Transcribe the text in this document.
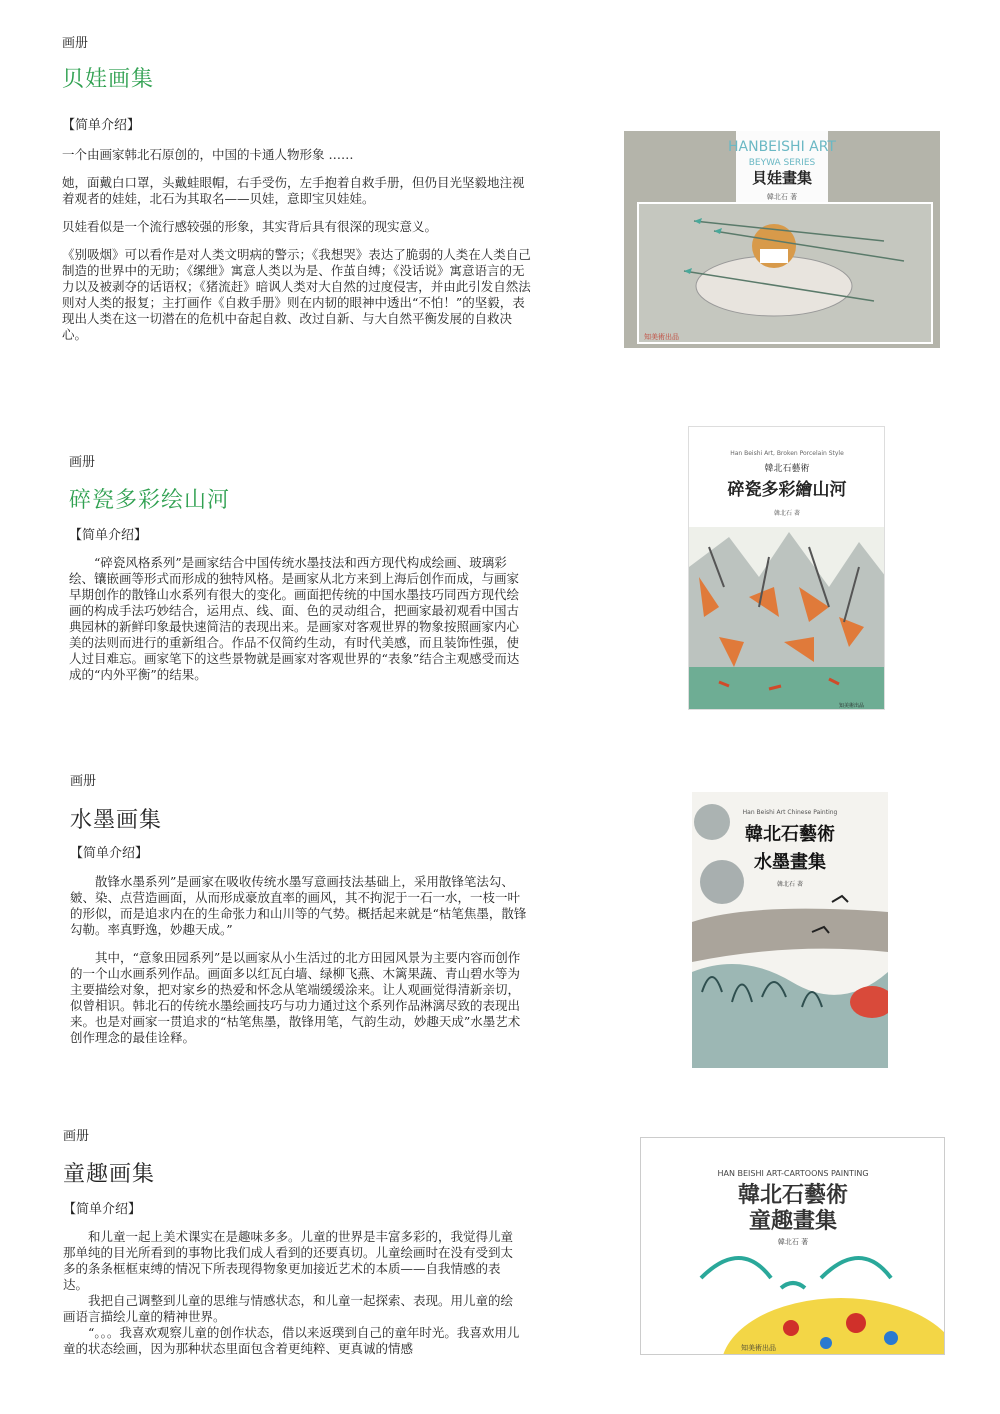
画册
贝娃画集
【简单介绍】

一个由画家韩北石原创的，中国的卡通人物形象 ……

她，面戴白口罩，头戴蛙眼帽，右手受伤，左手抱着自救手册，但仍目光坚毅地注视着观者的娃娃，北石为其取名——贝娃，意即宝贝娃娃。

贝娃看似是一个流行感较强的形象，其实背后具有很深的现实意义。

《别吸烟》可以看作是对人类文明病的警示；《我想哭》表达了脆弱的人类在人类自己制造的世界中的无助；《缧绁》寓意人类以为是、作茧自缚；《没话说》寓意语言的无力以及被剥夺的话语权；《猪流赶》暗讽人类对大自然的过度侵害，并由此引发自然法则对人类的报复；主打画作《自救手册》则在内韧的眼神中透出“不怕！”的坚毅，表现出人类在这一切潜在的危机中奋起自救、改过自新、与大自然平衡发展的自救决心。

HANBEISHI ART
BEYWA SERIES
貝娃畫集
韓北石 著
知美術出品
画册
碎瓷多彩绘山河
【简单介绍】

“碎瓷风格系列”是画家结合中国传统水墨技法和西方现代构成绘画、玻璃彩绘、镶嵌画等形式而形成的独特风格。是画家从北方来到上海后创作而成，与画家早期创作的散锋山水系列有很大的变化。画面把传统的中国水墨技巧同西方现代绘画的构成手法巧妙结合，运用点、线、面、色的灵动组合，把画家最初观看中国古典园林的新鲜印象最快速简洁的表现出来。是画家对客观世界的物象按照画家内心美的法则而进行的重新组合。作品不仅简约生动，有时代美感，而且装饰性强，使人过目难忘。画家笔下的这些景物就是画家对客观世界的“表象”结合主观感受而达成的“内外平衡”的结果。

Han Beishi Art, Broken Porcelain Style
韓北石藝術
碎瓷多彩繪山河
韓北石 著
知美術出品
画册
水墨画集
【简单介绍】

散锋水墨系列”是画家在吸收传统水墨写意画技法基础上，采用散锋笔法勾、皴、染、点营造画面，从而形成豪放直率的画风，其不拘泥于一石一水，一枝一叶的形似，而是追求内在的生命张力和山川等的气势。概括起来就是“枯笔焦墨，散锋勾勒。率真野逸，妙趣天成。”

其中，“意象田园系列”是以画家从小生活过的北方田园风景为主要内容而创作的一个山水画系列作品。画面多以红瓦白墙、绿柳飞燕、木篱果蔬、青山碧水等为主要描绘对象，把对家乡的热爱和怀念从笔端缓缓涂来。让人观画觉得清新亲切，似曾相识。韩北石的传统水墨绘画技巧与功力通过这个系列作品淋漓尽致的表现出来。也是对画家一贯追求的“枯笔焦墨，散锋用笔，气韵生动，妙趣天成”水墨艺术创作理念的最佳诠释。

Han Beishi Art Chinese Painting
韓北石藝術
水墨畫集
韓北石 著
画册
童趣画集
【简单介绍】

和儿童一起上美术课实在是趣味多多。儿童的世界是丰富多彩的，我觉得儿童那单纯的目光所看到的事物比我们成人看到的还要真切。儿童绘画时在没有受到太多的条条框框束缚的情况下所表现得物象更加接近艺术的本质——自我情感的表达。

我把自己调整到儿童的思维与情感状态，和儿童一起探索、表现。用儿童的绘画语言描绘儿童的精神世界。

“。。。我喜欢观察儿童的创作状态，借以来返璞到自己的童年时光。我喜欢用儿童的状态绘画，因为那种状态里面包含着更纯粹、更真诚的情感

HAN BEISHI ART-CARTOONS PAINTING
韓北石藝術
童趣畫集
韓北石 著
知美術出品
